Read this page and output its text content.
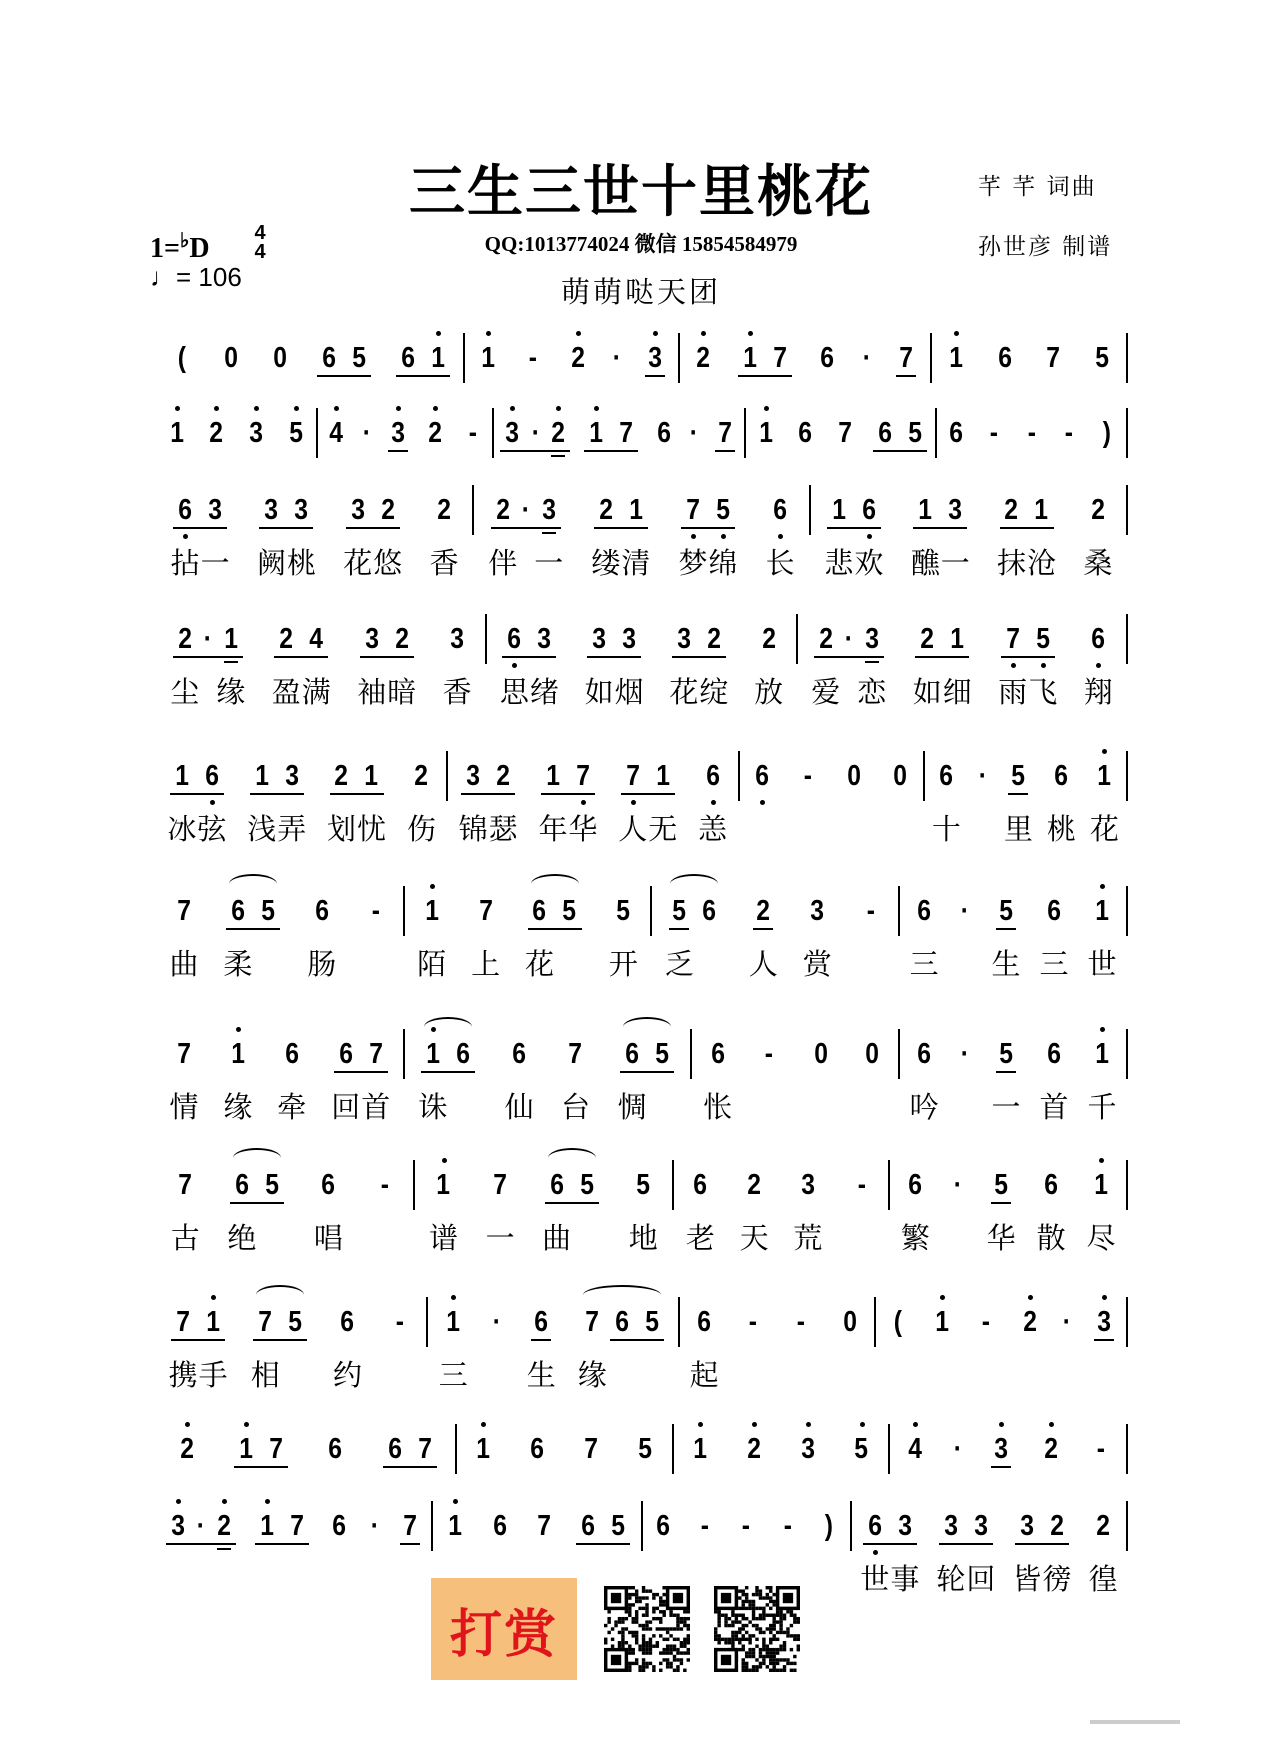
三生三世十里桃花	芊 芊 词曲
孙世彦 制谱
QQ:1013774024 微信 15854584979
萌萌哒天团
1=♭D 4
4
♩= 106
( 0 0 6 5 6 1 1 - 2 · 3 2 1 7 6 · 7 1 6 7 5
1 2 3 5 4 · 3 2 - 3 · 2 1 7 6 · 7 1 6 7 6 5 6 - - - )
6
拈
3
一
3
阙
3
桃
3
花
2
悠
2
香
2
伴
· 3
一
2
缕
1
清
7
梦
5
绵
6
长
1
悲
6
欢
1
醮
3
一
2
抹
1
沧
2
桑
2
尘
· 1
缘
2
盈
4
满
3
袖
2
暗
3
香
6
思
3
绪
3
如
3
烟
3
花
2
绽
2
放
2
爱
· 3
恋
2
如
1
细
7
雨
5
飞
6
翔
1
冰
6
弦
1
浅
3
弄
2
划
1
忧
2
伤
3
锦
2
瑟
1
年
7
华
7
人
1
无
6
恙
6 - 0 0 6
十
· 5
里
6
桃
1
花
7
曲
6
柔
5 6
肠
- 1
陌
7
上
6
花
5 5
开
5
乏
6 2
人
3
赏
- 6
三
· 5
生
6
三
1
世
7
情
1
缘
6
牵
6
回
7
首
1
诛
6 6
仙
7
台
6
惆
5 6
怅
- 0 0 6
吟
· 5
一
6
首
1
千
7
古
6
绝
5 6
唱
- 1
谱
7
一
6
曲
5 5
地
6
老
2
天
3
荒
- 6
繁
· 5
华
6
散
1
尽
7
携
1
手
7
相
5 6
约
- 1
三
· 6
生
7
缘
6 5 6
起
- - 0 ( 1 - 2 · 3
2 1 7 6 6 7 1 6 7 5 1 2 3 5 4 · 3 2 -
3 · 2 1 7 6 · 7 1 6 7 6 5 6 - - - ) 6
世
3
事
3
轮
3
回
3
皆
2
徬
2
徨
打赏
